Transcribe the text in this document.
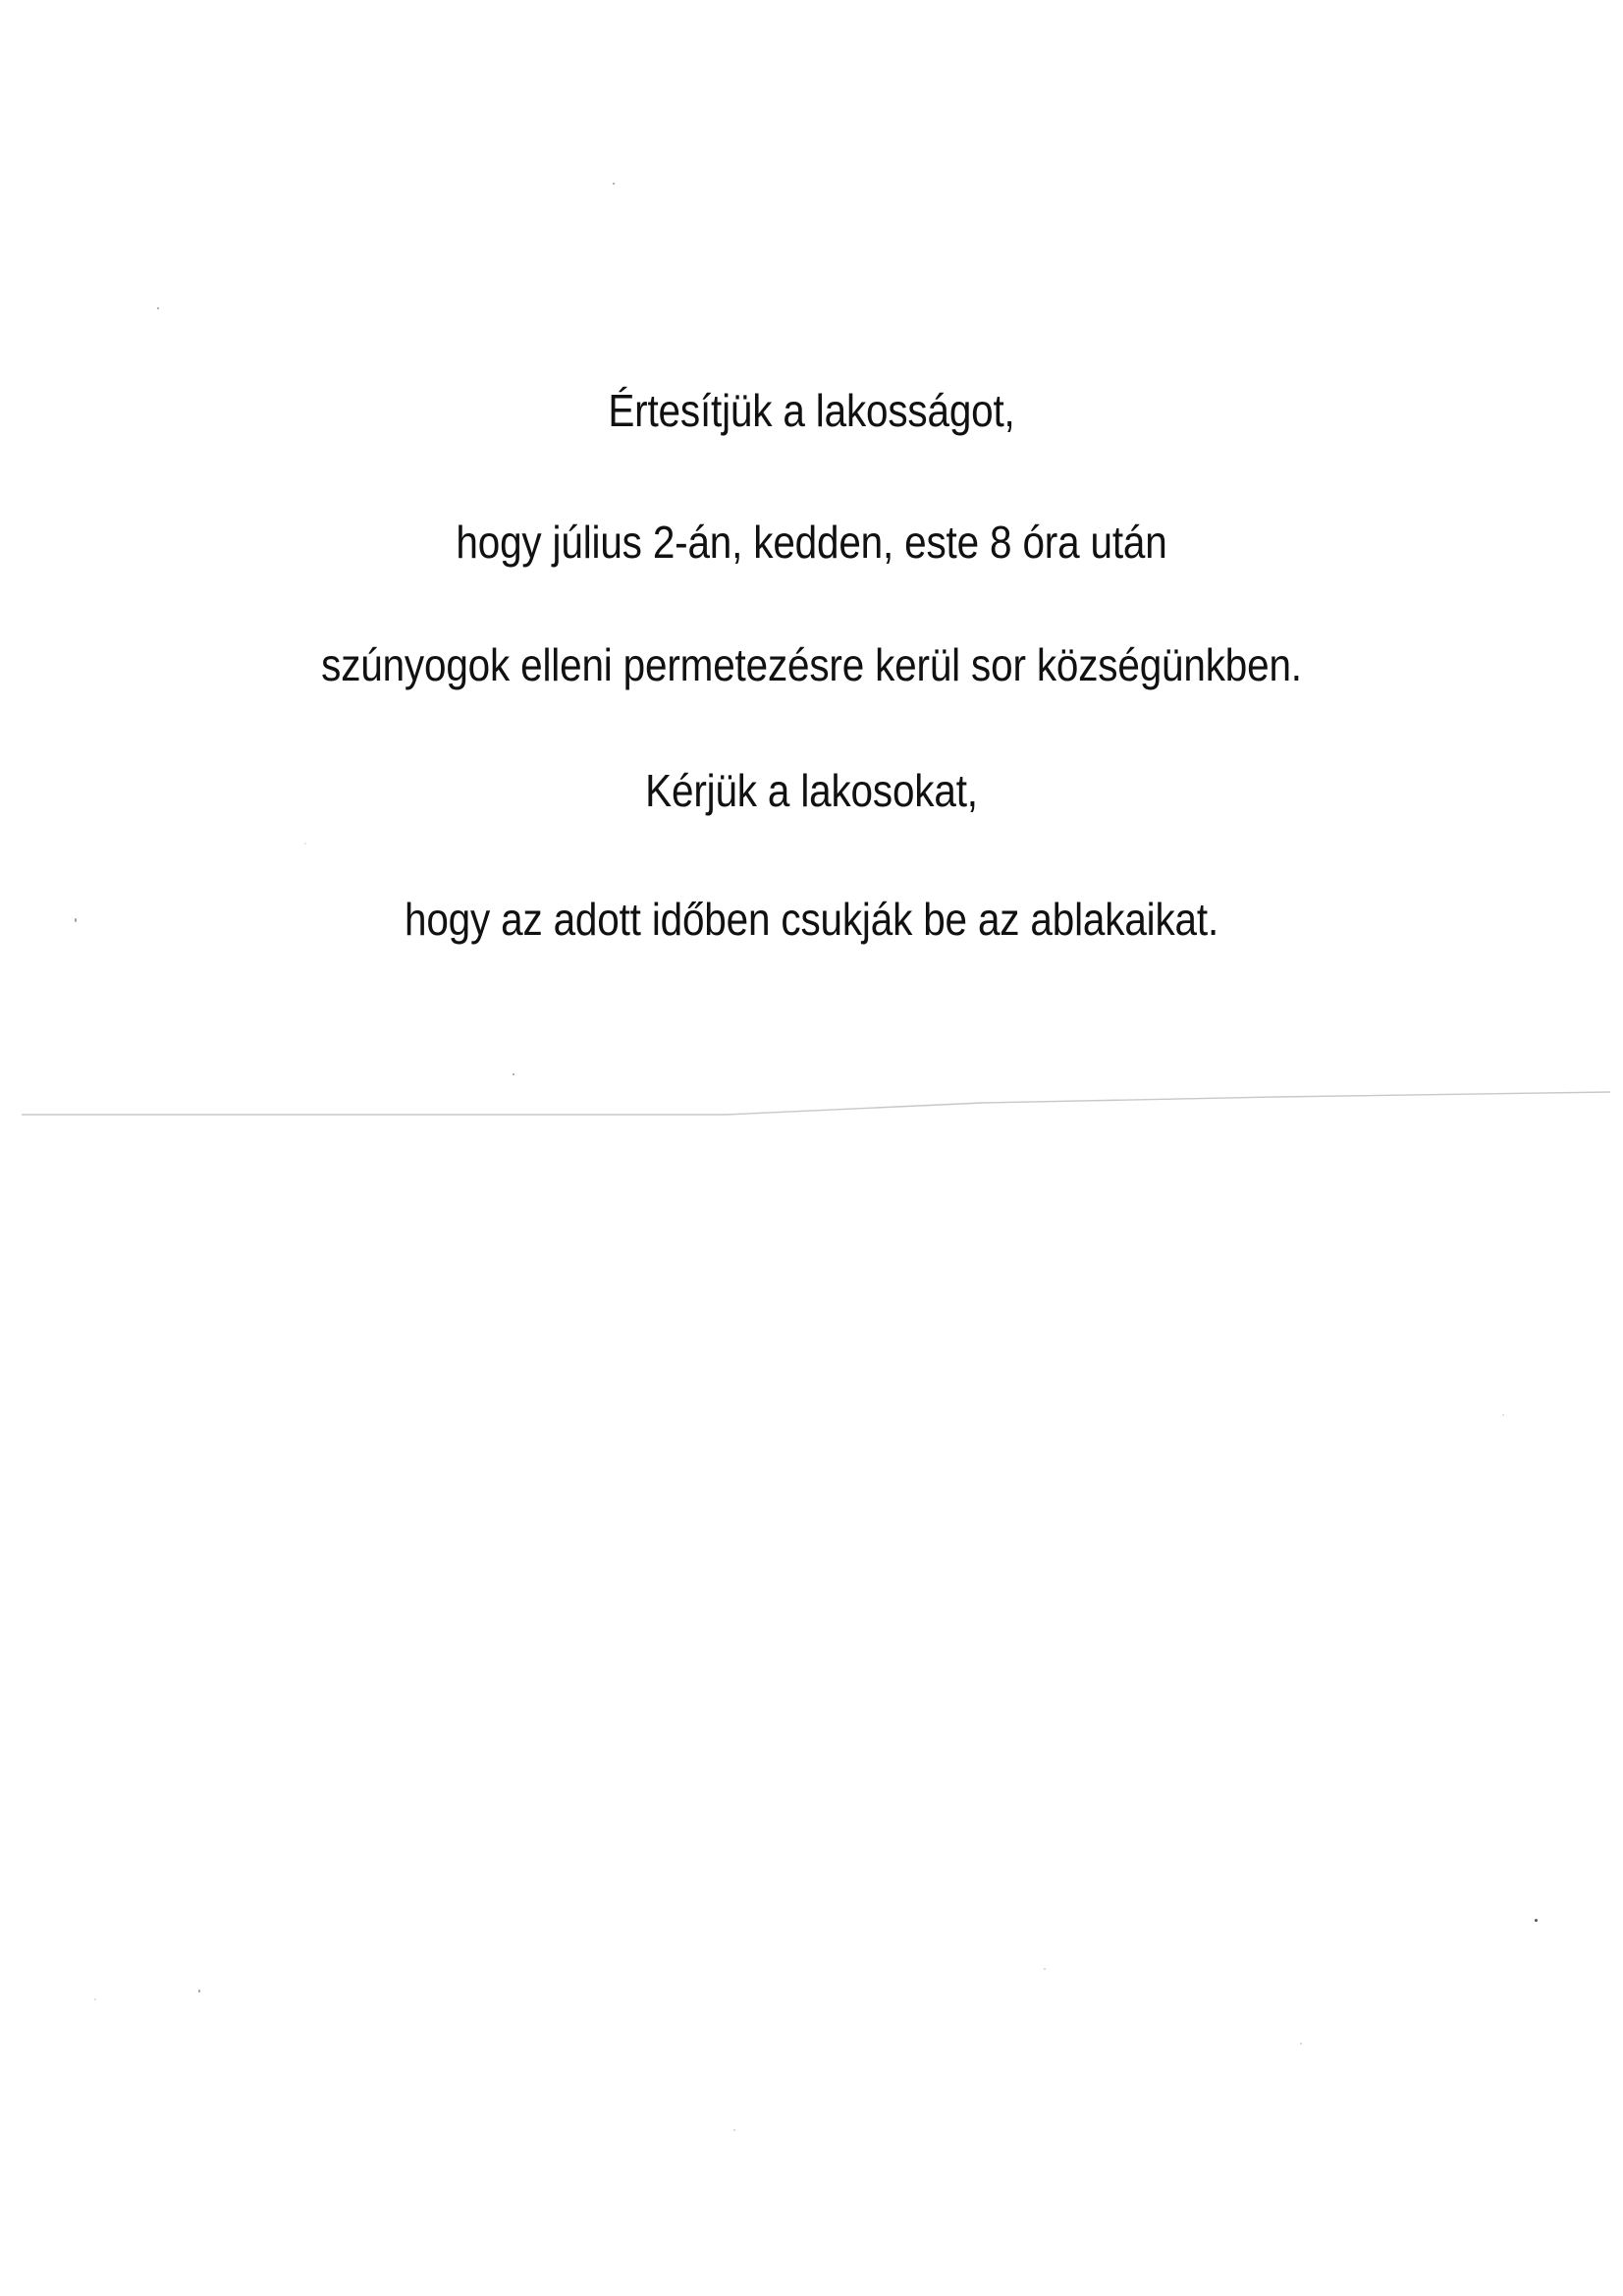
Értesítjük a lakosságot,
hogy július 2-án, kedden, este 8 óra után
szúnyogok elleni permetezésre kerül sor községünkben.
Kérjük a lakosokat,
hogy az adott időben csukják be az ablakaikat.
